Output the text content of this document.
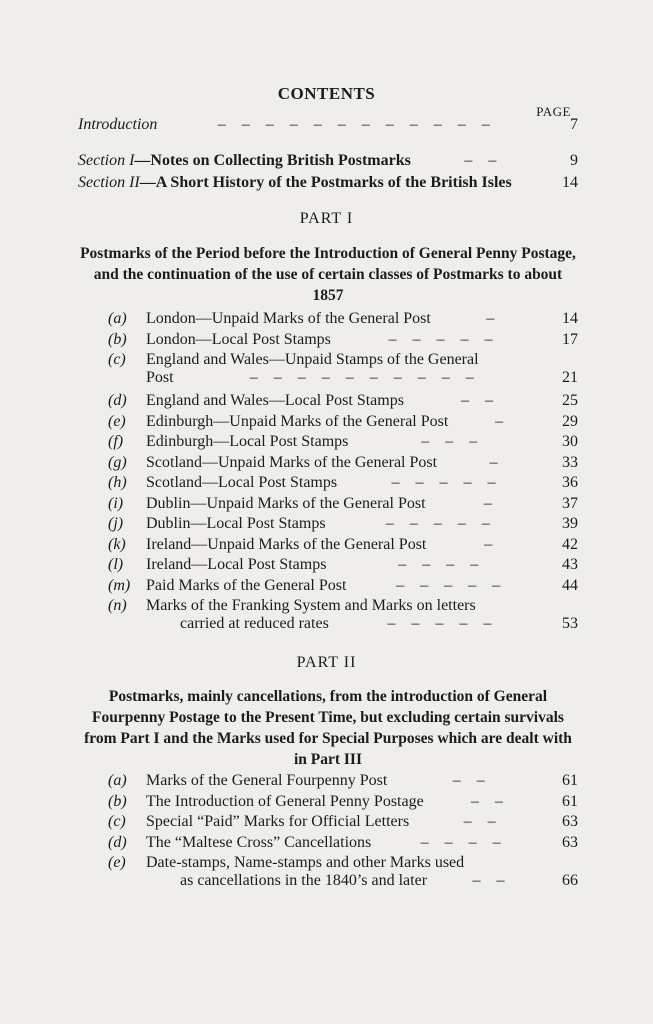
CONTENTS
PAGE
Introduction	– – – – – – – – – – – –	7
Section I—Notes on Collecting British Postmarks	– –	9
Section II—A Short History of the Postmarks of the British Isles	14
PART I
Postmarks of the Period before the Introduction of General Penny Postage, and the continuation of the use of certain classes of Postmarks to about 1857
(a) London—Unpaid Marks of the General Post	–	14
(b) London—Local Post Stamps	– – – – –	17
(c) England and Wales—Unpaid Stamps of the General
Post	– – – – – – – – – –	21
(d) England and Wales—Local Post Stamps	– –	25
(e) Edinburgh—Unpaid Marks of the General Post	–	29
(f) Edinburgh—Local Post Stamps	– – –	30
(g) Scotland—Unpaid Marks of the General Post	–	33
(h) Scotland—Local Post Stamps	– – – – –	36
(i) Dublin—Unpaid Marks of the General Post	–	37
(j) Dublin—Local Post Stamps	– – – – –	39
(k) Ireland—Unpaid Marks of the General Post	–	42
(l) Ireland—Local Post Stamps	– – – –	43
(m) Paid Marks of the General Post	– – – – –	44
(n) Marks of the Franking System and Marks on letters
carried at reduced rates	– – – – –	53
PART II
Postmarks, mainly cancellations, from the introduction of General Fourpenny Postage to the Present Time, but excluding certain survivals from Part I and the Marks used for Special Purposes which are dealt with in Part III
(a) Marks of the General Fourpenny Post	– –	61
(b) The Introduction of General Penny Postage	– –	61
(c) Special “Paid” Marks for Official Letters	– –	63
(d) The “Maltese Cross” Cancellations	– – – –	63
(e) Date-stamps, Name-stamps and other Marks used
as cancellations in the 1840’s and later	– –	66
